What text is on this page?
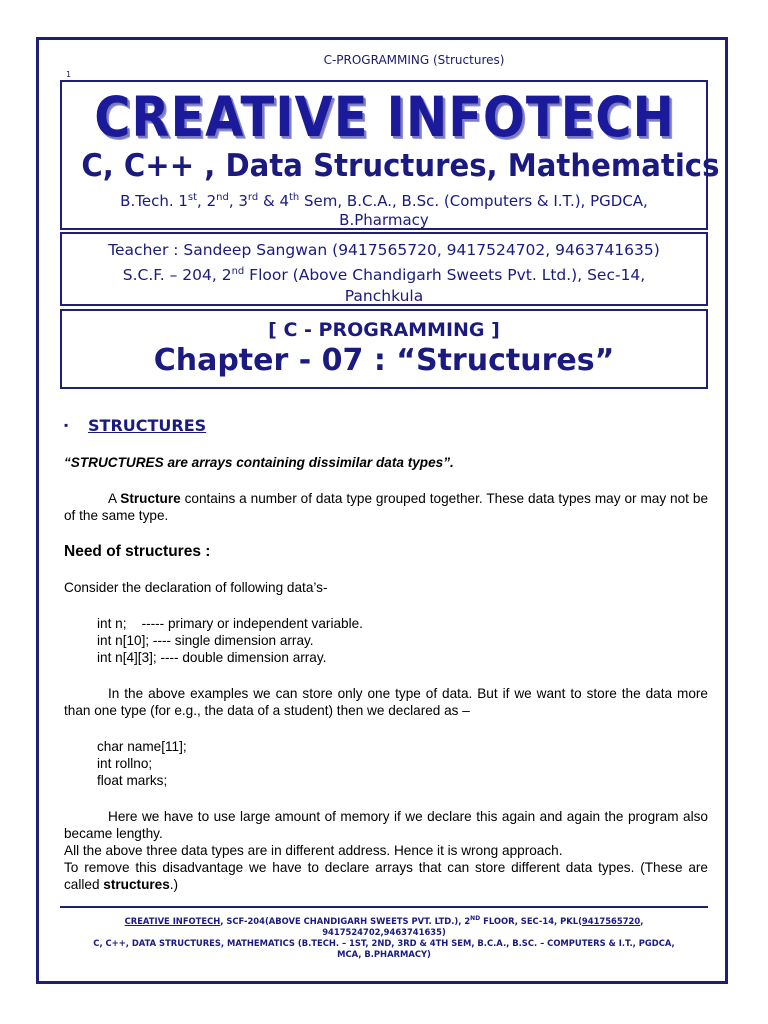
C-PROGRAMMING (Structures)
1
CREATIVE INFOTECH
C, C++ , Data Structures, Mathematics
B.Tech. 1st, 2nd, 3rd & 4th Sem, B.C.A., B.Sc. (Computers & I.T.), PGDCA,
B.Pharmacy
Teacher : Sandeep Sangwan (9417565720, 9417524702, 9463741635)
S.C.F. – 204, 2nd Floor (Above Chandigarh Sweets Pvt. Ltd.), Sec-14,
Panchkula
[ C - PROGRAMMING ]
Chapter - 07 : “Structures”
▪	STRUCTURES
“STRUCTURES are arrays containing dissimilar data types”.
A Structure contains a number of data type grouped together. These data types may or may not be of the same type.
Need of structures :
Consider the declaration of following data’s-
int n;    ----- primary or independent variable.
int n[10]; ---- single dimension array.
int n[4][3]; ---- double dimension array.
In the above examples we can store only one type of data. But if we want to store the data more than one type (for e.g., the data of a student) then we declared as –
char name[11];
int rollno;
float marks;
Here we have to use large amount of memory if we declare this again and again the program also became lengthy.
All the above three data types are in different address. Hence it is wrong approach.
To remove this disadvantage we have to declare arrays that can store different data types. (These are called structures.)
CREATIVE INFOTECH, SCF-204(ABOVE CHANDIGARH SWEETS PVT. LTD.), 2ND FLOOR, SEC-14, PKL(9417565720,
9417524702,9463741635)
C, C++, DATA STRUCTURES, MATHEMATICS (B.TECH. – 1ST, 2ND, 3RD & 4TH SEM, B.C.A., B.SC. – COMPUTERS & I.T., PGDCA,
MCA, B.PHARMACY)
